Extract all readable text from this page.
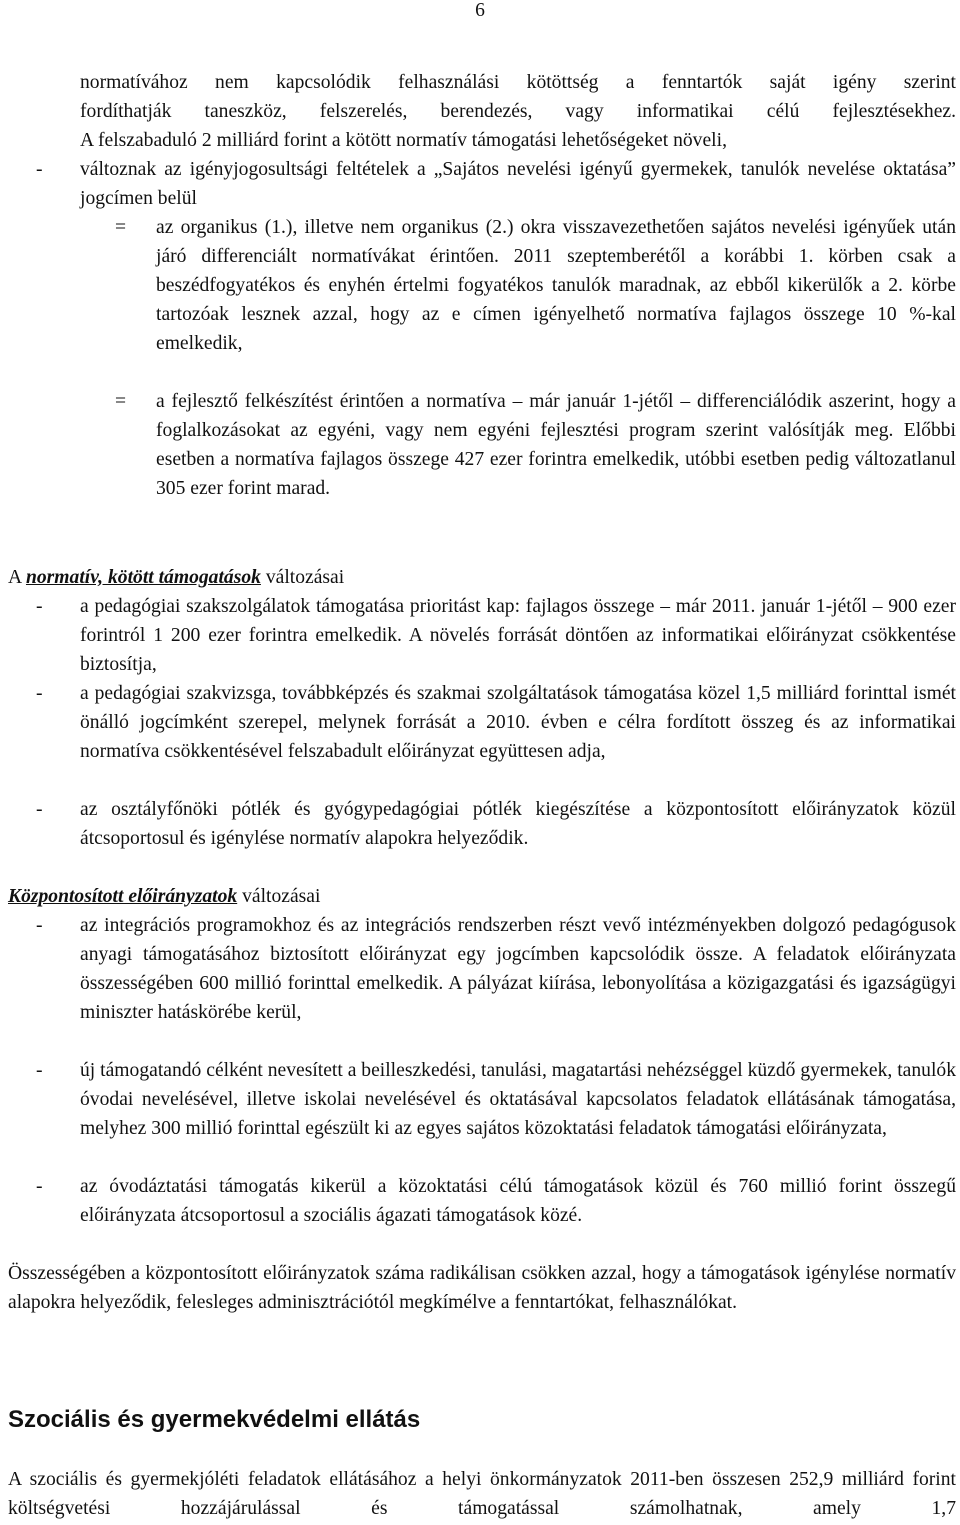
6
normatívához nem kapcsolódik felhasználási kötöttség a fenntartók saját igény szerint
fordíthatják taneszköz, felszerelés, berendezés, vagy informatikai célú fejlesztésekhez.
A felszabaduló 2 milliárd forint a kötött normatív támogatási lehetőségeket növeli,
- változnak az igényjogosultsági feltételek a „Sajátos nevelési igényű gyermekek, tanulók nevelése oktatása” jogcímen belül
= az organikus (1.), illetve nem organikus (2.) okra visszavezethetően sajátos nevelési igényűek után járó differenciált normatívákat érintően. 2011 szeptemberétől a korábbi 1. körben csak a beszédfogyatékos és enyhén értelmi fogyatékos tanulók maradnak, az ebből kikerülők a 2. körbe tartozóak lesznek azzal, hogy az e címen igényelhető normatíva fajlagos összege 10 %-kal emelkedik,
= a fejlesztő felkészítést érintően a normatíva – már január 1-jétől – differenciálódik aszerint, hogy a foglalkozásokat az egyéni, vagy nem egyéni fejlesztési program szerint valósítják meg. Előbbi esetben a normatíva fajlagos összege 427 ezer forintra emelkedik, utóbbi esetben pedig változatlanul 305 ezer forint marad.
A normatív, kötött támogatások változásai
- a pedagógiai szakszolgálatok támogatása prioritást kap: fajlagos összege – már 2011. január 1-jétől – 900 ezer forintról 1 200 ezer forintra emelkedik. A növelés forrását döntően az informatikai előirányzat csökkentése biztosítja,
- a pedagógiai szakvizsga, továbbképzés és szakmai szolgáltatások támogatása közel 1,5 milliárd forinttal ismét önálló jogcímként szerepel, melynek forrását a 2010. évben e célra fordított összeg és az informatikai normatíva csökkentésével felszabadult előirányzat együttesen adja,
- az osztályfőnöki pótlék és gyógypedagógiai pótlék kiegészítése a központosított előirányzatok közül átcsoportosul és igénylése normatív alapokra helyeződik.
Központosított előirányzatok változásai
- az integrációs programokhoz és az integrációs rendszerben részt vevő intézményekben dolgozó pedagógusok anyagi támogatásához biztosított előirányzat egy jogcímben kapcsolódik össze. A feladatok előirányzata összességében 600 millió forinttal emelkedik. A pályázat kiírása, lebonyolítása a közigazgatási és igazságügyi miniszter hatáskörébe kerül,
- új támogatandó célként nevesített a beilleszkedési, tanulási, magatartási nehézséggel küzdő gyermekek, tanulók óvodai nevelésével, illetve iskolai nevelésével és oktatásával kapcsolatos feladatok ellátásának támogatása, melyhez 300 millió forinttal egészült ki az egyes sajátos közoktatási feladatok támogatási előirányzata,
- az óvodáztatási támogatás kikerül a közoktatási célú támogatások közül és 760 millió forint összegű előirányzata átcsoportosul a szociális ágazati támogatások közé.
Összességében a központosított előirányzatok száma radikálisan csökken azzal, hogy a támogatások igénylése normatív alapokra helyeződik, felesleges adminisztrációtól megkímélve a fenntartókat, felhasználókat.
Szociális és gyermekvédelmi ellátás
A szociális és gyermekjóléti feladatok ellátásához a helyi önkormányzatok 2011-ben összesen 252,9 milliárd forint költségvetési hozzájárulással és támogatással számolhatnak, amely 1,7
